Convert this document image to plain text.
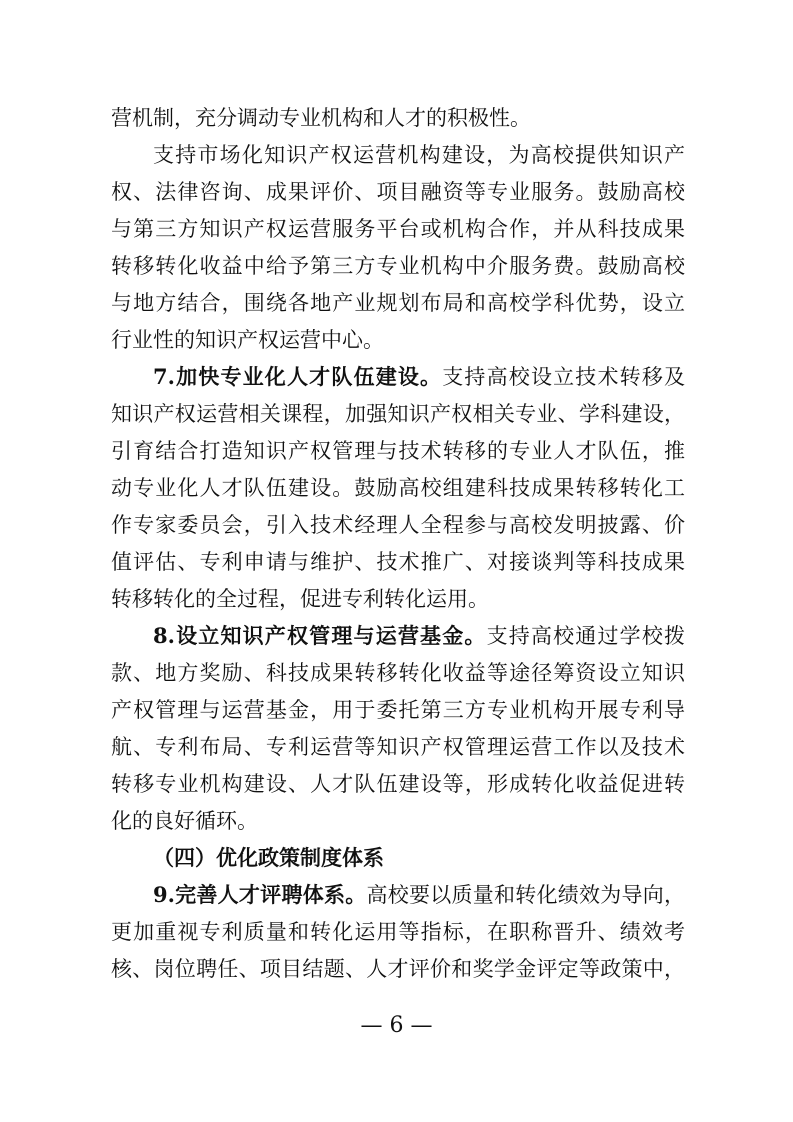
营机制，充分调动专业机构和人才的积极性。
支持市场化知识产权运营机构建设，为高校提供知识产
权、法律咨询、成果评价、项目融资等专业服务。鼓励高校
与第三方知识产权运营服务平台或机构合作，并从科技成果
转移转化收益中给予第三方专业机构中介服务费。鼓励高校
与地方结合，围绕各地产业规划布局和高校学科优势，设立
行业性的知识产权运营中心。
7.加快专业化人才队伍建设。支持高校设立技术转移及
知识产权运营相关课程，加强知识产权相关专业、学科建设，
引育结合打造知识产权管理与技术转移的专业人才队伍，推
动专业化人才队伍建设。鼓励高校组建科技成果转移转化工
作专家委员会，引入技术经理人全程参与高校发明披露、价
值评估、专利申请与维护、技术推广、对接谈判等科技成果
转移转化的全过程，促进专利转化运用。
8.设立知识产权管理与运营基金。支持高校通过学校拨
款、地方奖励、科技成果转移转化收益等途径筹资设立知识
产权管理与运营基金，用于委托第三方专业机构开展专利导
航、专利布局、专利运营等知识产权管理运营工作以及技术
转移专业机构建设、人才队伍建设等，形成转化收益促进转
化的良好循环。
（四）优化政策制度体系
9.完善人才评聘体系。高校要以质量和转化绩效为导向，
更加重视专利质量和转化运用等指标，在职称晋升、绩效考
核、岗位聘任、项目结题、人才评价和奖学金评定等政策中，
— 6 —
